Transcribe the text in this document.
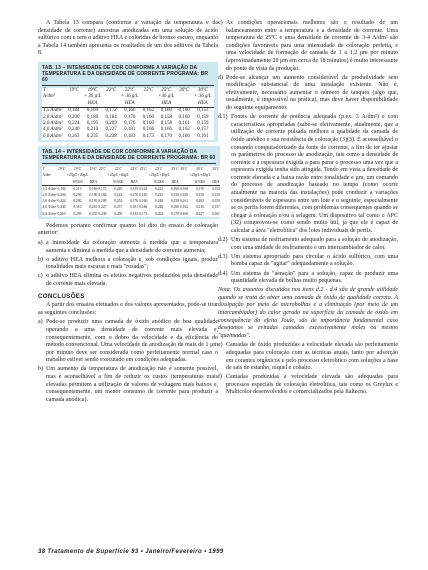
A Tabela 13 compara (conforme a variação da temperatura e da densidade de corrente) amostras anodizadas em uma solução de ácido sulfúrico com e sem o aditivo HEA e coloridas de bronze escuro, enquanto a Tabela 14 também apresenta os resultados de um dos aditivos da Tabela 8.

TAB. 13 – INTENSIDADE DE COR CONFORME A VARIAÇÃO DA TEMPERATURA E DA DENSIDADE DE CORRENTE PROGRAMA: BR 60
T	19ºC	19ºC	22ºC	22ºC	25ºC	25ºC	30ºC	30ºC
A/dm²		+ 36 g/L		+ 36 g/L		+36 g/L		+ 36 g/L
		HEA		HEA		HEA		HEA
1,5 A/dm²	0,184	0,169	0,172	0,166	0,162	0,160	0,160	0,153
2,0 A/dm²	0,200	0,180	0,184	0,170	0,160	0,158	0,160	0,159
3,0 A/dm²	0,224	0,195	0,209	0,176	0,160	0,158	0,161	0,159
4,0 A/dm²	0,240	0,210	0,227	0,181	0,166	0,166	0,162	0,157
6,0 A/dm²	0,263	0,235	0,238	0,183	0,173	0,170	0,166	0,161
TAB. 14 – INTENSIDADE DE COR CONFORME A VARIAÇÃO DA TEMPERATURA E DA DENSIDADE DE CORRENTE PROGRAMA: BR 60
T	19ºC	19ºC	19ºC	22ºC	22ºC	22ºC	25ºC	25ºC	25ºC	30ºC	30ºC	30ºC
A/dm²		+25g/L+40g/L			+25g/L+40g/L			+25g/L+40g/L			+25g/L+40g/L	
		W3000	HEA		W3000	HEA		W3000	HEA		W3000	HEA
1,5 A/dm²	0,184	0,215	0,169	0,172	0,220	0,155	0,162	0,223	0,160	0,160	0,170	0,153
2,0 A/dm²	0,200	0,250	0,180	0,184	0,222	0,170	0,160	0,225	0,158	0,160	0,150	0,159
3,0 A/dm²	0,224	0,290	0,195	0,209	0,252	0,176	0,160	0,240	0,158	0,161	0,202	0,159
4,0 A/dm²	0,240	0,310	0,210	0,227	0,257	0,181	0,166	0,248	0,166	0,162	0,210	0,157
6,0 A/dm²	0,263	0,295	0,235	0,238	0,290	0,183	0,173	0,262	0,170	0,166	0,227	0,161

Podemos portanto confirmar quanto foi dito do ensaio de coloração anterior:

a) a intensidade da coloração aumenta à medida que a temperatura aumenta e diminui à medida que a densidade de corrente aumenta;
b) o aditivo HEA melhora a coloração e, sob condições iguais, produz tonalidades mais escuras e mais "rosadas";
c) o aditivo HEA elimina os efeitos negativos produzidos pela densidade de corrente mais elevada.
CONCLUSÕES

A partir dos ensaios efetuados e dos valores apresentados, pode-se tirar as seguintes conclusões:

a) Pode-se produzir uma camada de óxido anódico de boa qualidade operando a uma densidade de corrente mais elevada e, consequentemente, com o dobro da velocidade e da eficiência do método convencional. Uma velocidade de anodização de mais de 1 μm por minuto deve ser considerada como perfeitamente normal caso o trabalho estiver sendo executado em condições adequadas.
b) Um aumento da temperatura de anodização não é somente possível, mas é aconselhável a fim de reduzir os custos (temperaturas mais elevadas permitem a utilização de valores de voltagem mais baixos e, consequentemente, um menor consumo de corrente para produzir a camada anódica).
c) As condições operacionais melhores são o resultado de um balanceamento entre a temperatura e a densidade de corrente. Uma temperatura de 25ºC e uma densidade de corrente de 3-4 A/dm² são condições favoráveis para uma intensidade de coloração perfeita, e uma velocidade de formação de camada de 1 a 1,2 μm por minuto (aproximadamente 20 μm em cerca de 18 minutos) é muito interessante do ponto de vista da produção.
d) Pode-se alcançar um aumento considerável da produtividade sem modificação substancial de uma instalação existente. Não é, efetivamente, necessário aumentar o número de tanques (algo que, usualmente, é impossível na prática), mas deve haver disponibilidade do seguinte equipamento:
d.1) Fontes de corrente de potência adequada (p.ex. 3 A/dm²) e com características apropriadas (sabe-se efetivamente, atualmente, que a utilização de corrente pulsada melhora a qualidade da camada de óxido anódico e sua resistência de coloração (3)(3). É aconselhável o comando computadorizado da fonte de corrente, a fim de ter ajustar os parâmetros do processo de anodização, tais como a densidade de corrente e a espessura exigida a para parar o processo uma vez que a espessura exigida tenha sido atingida. Tendo em vista a densidade de corrente elevada e a baixa razão entre tonalidade e μm, um comando do processo de anodização baseado no tempo (como ocorre atualmente na maioria das instalações) pode conduzir a variações consideráveis de espessura entre um lote e o seguinte, especialmente se os perfis forem diferentes, com problemas consequentes quando se chegar à coloração e/ou à selagem. Um dispositivo tal como o APC (32) comprovou-se como sendo muito útil, já que ele é capaz de calcular a área "eletrolítica" dos lotes individuais de perfis.
d.2) Um sistema de resfriamento adequado para a solução de anodização, com uma unidade de resfriamento e um intercambiador de calor.
d.3) Um sistema apropriado para circular o ácido sulfúrico, com uma bomba capaz de "agitar" adequadamente a solução.
d.4) Um sistema de "aeração" para a solução, capaz de produzir uma quantidade elevada de bolhas muito pequenas.

Nota: Os assuntos discutidos nos itens d.2 - d.4 são de grande utilidade quando se trata de obter uma camada de óxido de qualidade correta. A dissipação por meio de microbolhas e a eliminação (por meio de um intercambiador) do calor gerado na superfície da camada de óxido em consequência do efeito Joule, são de importância fundamental caso desejamos se evitadas camadas excessivamente moles ou mesmo "queimadas".

e) Camadas de óxido produzidas a velocidade elevada são perfeitamente adequadas para coloração com as técnicas atuais, tanto por adsorção em corantes orgânicos e pelo processo eletrolítico com soluções a base de sais de estanho, níquel e cobalto.
f) Camadas produzidas a velocidade elevada são adequadas para processos especiais de coloração eletrolítica, tais como os Greylux e Multicolor desenvolvidos e comercializados pela Italtecno.
38 Tratamento de Superfície 93 • Janeiro/Fevereiro • 1999
